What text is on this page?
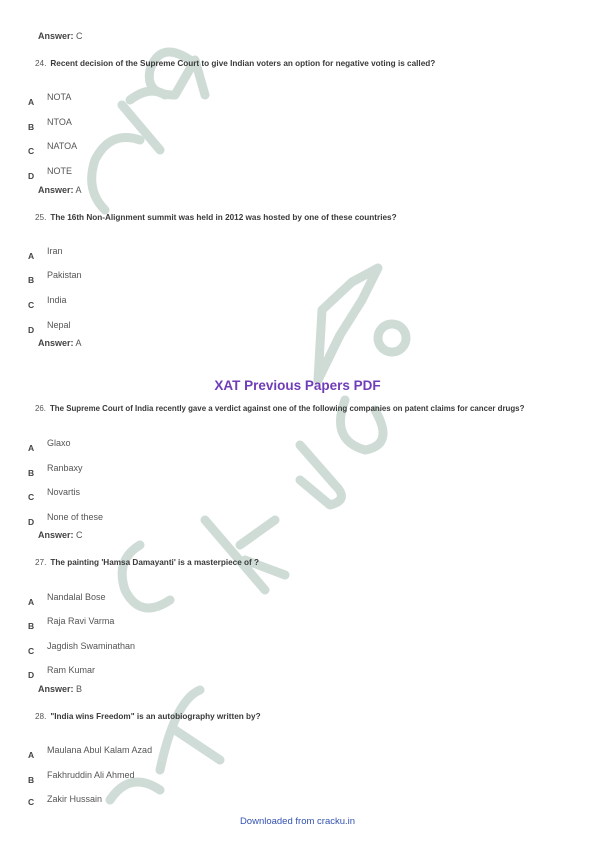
Answer: C
24. Recent decision of the Supreme Court to give Indian voters an option for negative voting is called?
A NOTA
B NTOA
C NATOA
D NOTE
Answer: A
25. The 16th Non-Alignment summit was held in 2012 was hosted by one of these countries?
A Iran
B Pakistan
C India
D Nepal
Answer: A
XAT Previous Papers PDF
26. The Supreme Court of India recently gave a verdict against one of the following companies on patent claims for cancer drugs?
A Glaxo
B Ranbaxy
C Novartis
D None of these
Answer: C
27. The painting 'Hamsa Damayanti' is a masterpiece of ?
A Nandalal Bose
B Raja Ravi Varma
C Jagdish Swaminathan
D Ram Kumar
Answer: B
28. "India wins Freedom" is an autobiography written by?
A Maulana Abul Kalam Azad
B Fakhruddin Ali Ahmed
C Zakir Hussain
Downloaded from cracku.in
